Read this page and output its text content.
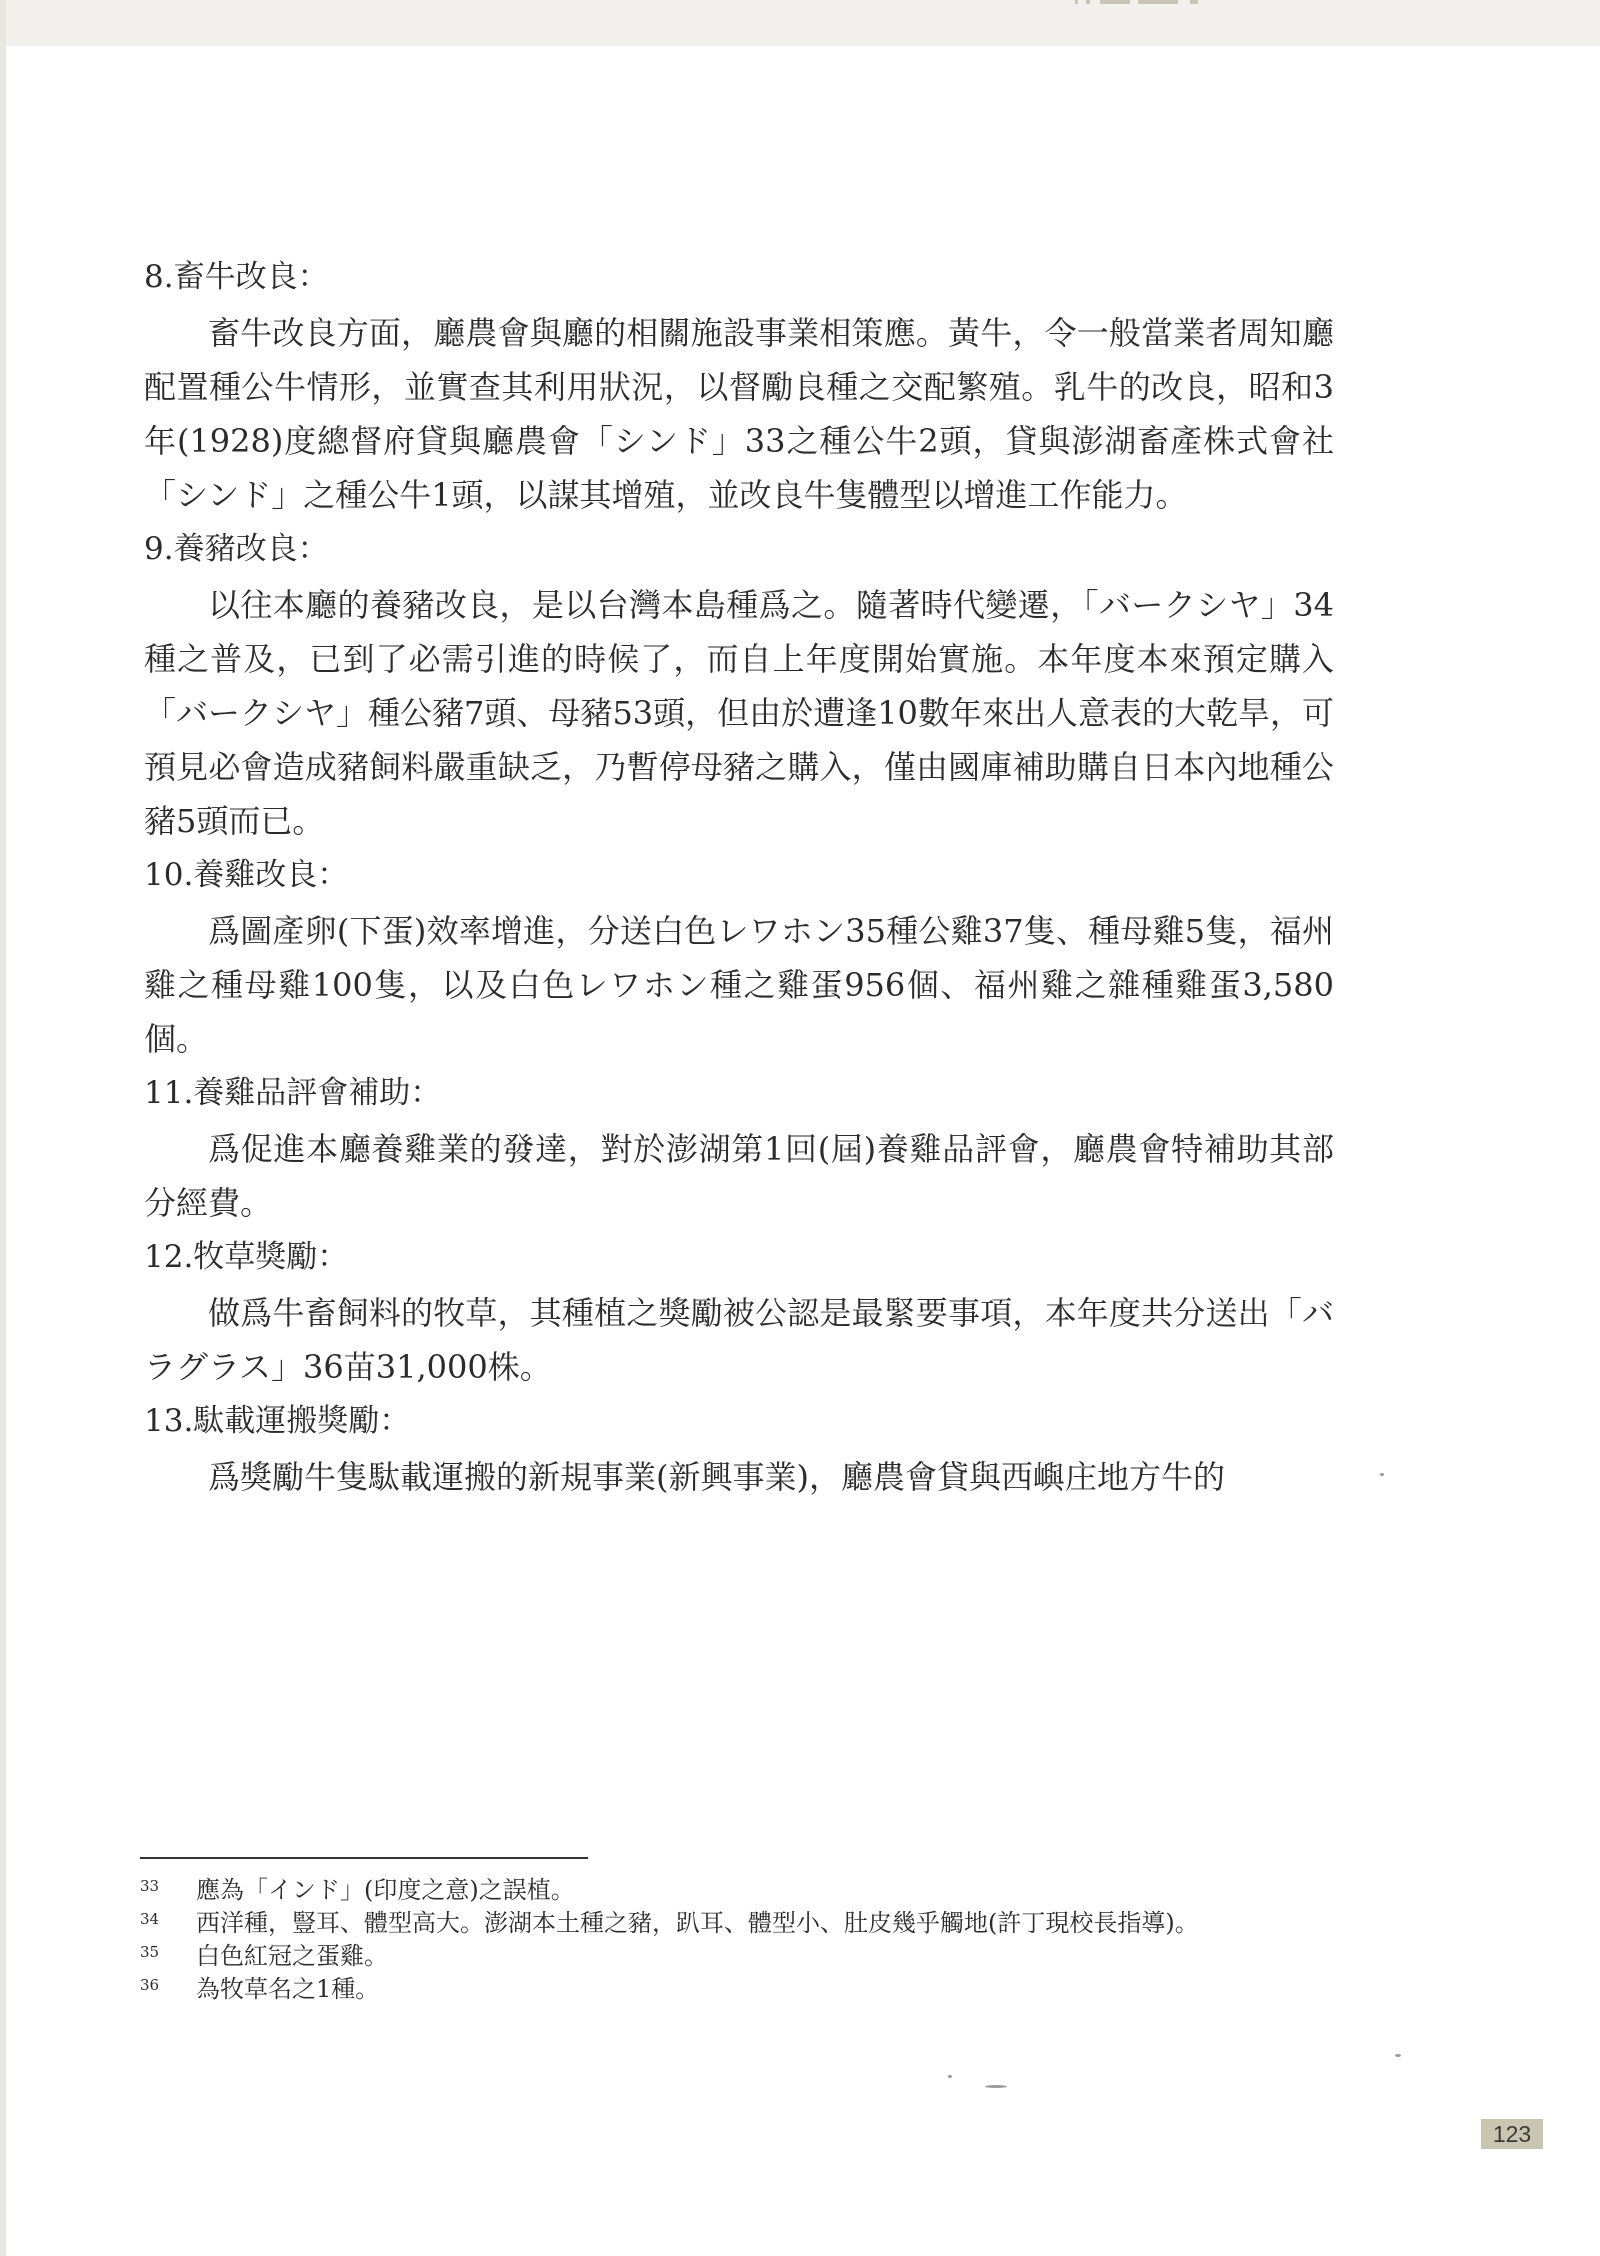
8.畜牛改良：
畜牛改良方面，廳農會與廳的相關施設事業相策應。黃牛，令一般當業者周知廳配置種公牛情形，並實查其利用狀況，以督勵良種之交配繁殖。乳牛的改良，昭和3年(1928)度總督府貸與廳農會「シンド」33之種公牛2頭，貸與澎湖畜產株式會社「シンド」之種公牛1頭，以謀其增殖，並改良牛隻體型以增進工作能力。
9.養豬改良：
以往本廳的養豬改良，是以台灣本島種爲之。隨著時代變遷，「バークシヤ」34種之普及，已到了必需引進的時候了，而自上年度開始實施。本年度本來預定購入「バークシヤ」種公豬7頭、母豬53頭，但由於遭逢10數年來出人意表的大乾旱，可預見必會造成豬飼料嚴重缺乏，乃暫停母豬之購入，僅由國庫補助購自日本內地種公豬5頭而已。
10.養雞改良：
爲圖產卵(下蛋)效率增進，分送白色レワホン35種公雞37隻、種母雞5隻，福州雞之種母雞100隻，以及白色レワホン種之雞蛋956個、福州雞之雜種雞蛋3,580個。
11.養雞品評會補助：
爲促進本廳養雞業的發達，對於澎湖第1回(屆)養雞品評會，廳農會特補助其部分經費。
12.牧草獎勵：
做爲牛畜飼料的牧草，其種植之獎勵被公認是最緊要事項，本年度共分送出「バラグラス」36苗31,000株。
13.駄載運搬獎勵：
爲獎勵牛隻駄載運搬的新規事業(新興事業)，廳農會貸與西嶼庄地方牛的
33	應為「インド」(印度之意)之誤植。
34	西洋種，豎耳、體型高大。澎湖本土種之豬，趴耳、體型小、肚皮幾乎觸地(許丁現校長指導)。
35	白色紅冠之蛋雞。
36	為牧草名之1種。
123
